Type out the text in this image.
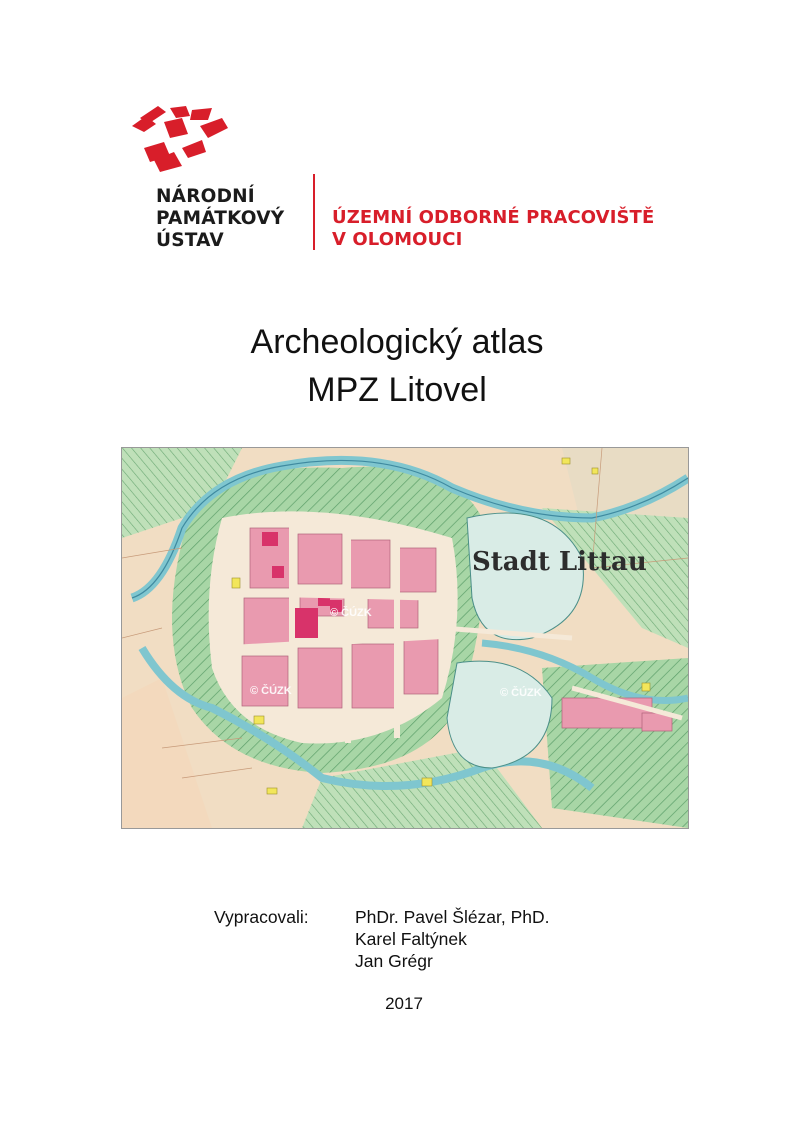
NÁRODNÍ
PAMÁTKOVÝ
ÚSTAV
ÚZEMNÍ ODBORNÉ PRACOVIŠTĚ
V OLOMOUCI
Archeologický atlas
MPZ Litovel
Stadt Littau
© ČÚZK
© ČÚZK	© ČÚZK
Vypracovali:	PhDr. Pavel Šlézar, PhD.
Karel Faltýnek
Jan Grégr
2017
